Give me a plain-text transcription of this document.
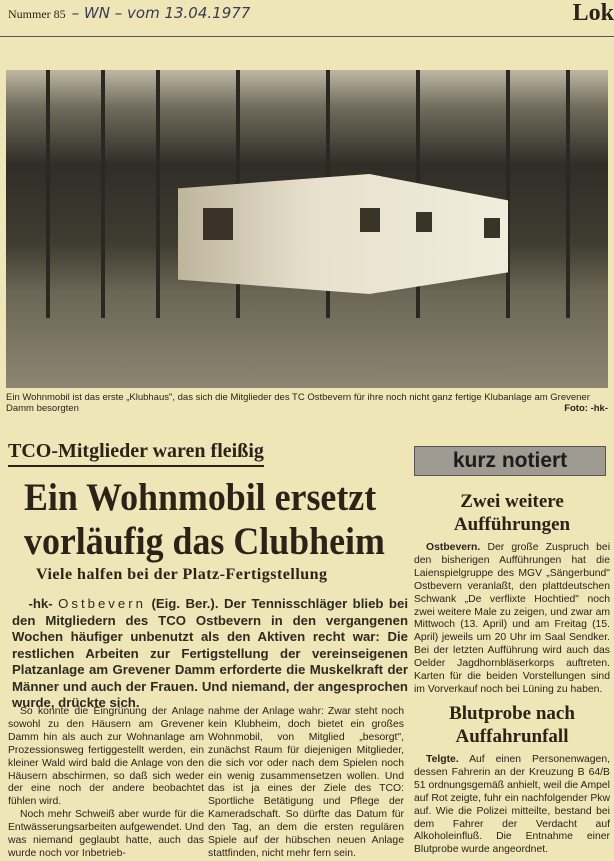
Nummer 85 – WN – vom 13.04.1977	Lok
Ein Wohnmobil ist das erste „Klubhaus", das sich die Mitglieder des TC Ostbevern für ihre noch nicht ganz fertige Klubanlage am Grevener Damm besorgten	Foto: -hk-
TCO-Mitglieder waren fleißig
Ein Wohnmobil ersetzt
vorläufig das Clubheim
Viele halfen bei der Platz-Fertigstellung
-hk- Ostbevern (Eig. Ber.). Der Tennisschläger blieb bei den Mitgliedern des TCO Ostbevern in den vergangenen Wochen häufiger unbenutzt als den Aktiven recht war: Die restlichen Arbeiten zur Fertigstellung der vereinseigenen Platzanlage am Grevener Damm erforderte die Muskelkraft der Männer und auch der Frauen. Und niemand, der angesprochen wurde, drückte sich.

So konnte die Eingrünung der Anlage sowohl zu den Häusern am Grevener Damm hin als auch zur Wohnanlage am Prozessionsweg fertiggestellt werden, ein kleiner Wald wird bald die Anlage von den Häusern abschirmen, so daß sich weder der eine noch der andere beobachtet fühlen wird.

Noch mehr Schweiß aber wurde für die Entwässerungsarbeiten aufgewendet. Und was niemand geglaubt hatte, auch das wurde noch vor Inbetrieb-

nahme der Anlage wahr: Zwar steht noch kein Klubheim, doch bietet ein großes Wohnmobil, von Mitglied „besorgt", zunächst Raum für diejenigen Mitglieder, die sich vor oder nach dem Spielen noch ein wenig zusammensetzen wollen. Und das ist ja eines der Ziele des TCO: Sportliche Betätigung und Pflege der Kameradschaft. So dürfte das Datum für den Tag, an dem die ersten regulären Spiele auf der hübschen neuen Anlage stattfinden, nicht mehr fern sein.

kurz notiert
Zwei weitere Aufführungen

Ostbevern. Der große Zuspruch bei den bisherigen Aufführungen hat die Laienspielgruppe des MGV „Sängerbund" Ostbevern veranlaßt, den plattdeutschen Schwank „De verflixte Hochtied" noch zwei weitere Male zu zeigen, und zwar am Mittwoch (13. April) und am Freitag (15. April) jeweils um 20 Uhr im Saal Sendker. Bei der letzten Aufführung wird auch das Oelder Jagdhornbläserkorps auftreten. Karten für die beiden Vorstellungen sind im Vorverkauf noch bei Lüning zu haben.

Blutprobe nach Auffahrunfall

Telgte. Auf einen Personenwagen, dessen Fahrerin an der Kreuzung B 64/B 51 ordnungsgemäß anhielt, weil die Ampel auf Rot zeigte, fuhr ein nachfolgender Pkw auf. Wie die Polizei mitteilte, bestand bei dem Fahrer der Verdacht auf Alkoholeinfluß. Die Entnahme einer Blutprobe wurde angeordnet.
